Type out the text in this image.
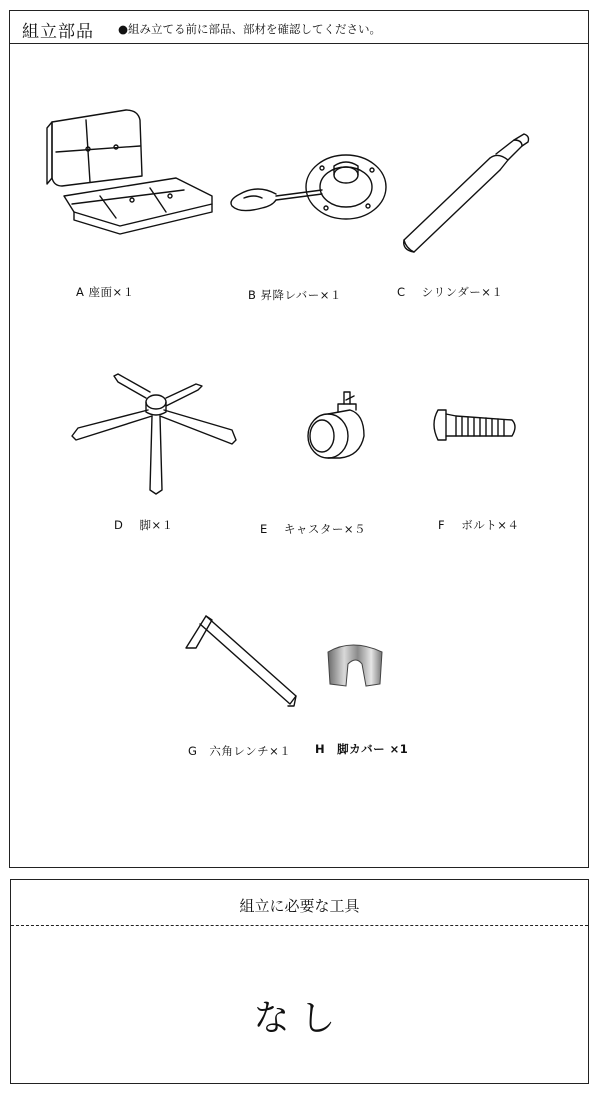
組立部品 ●組み立てる前に部品、部材を確認してください。
A 座面×１	B 昇降レバー×１	C　 シリンダー×１
D　 脚×１	E　 キャスター×５	F　 ボルト×４
G　六角レンチ×１ H　脚カバー ×1
組立に必要な工具
なし
